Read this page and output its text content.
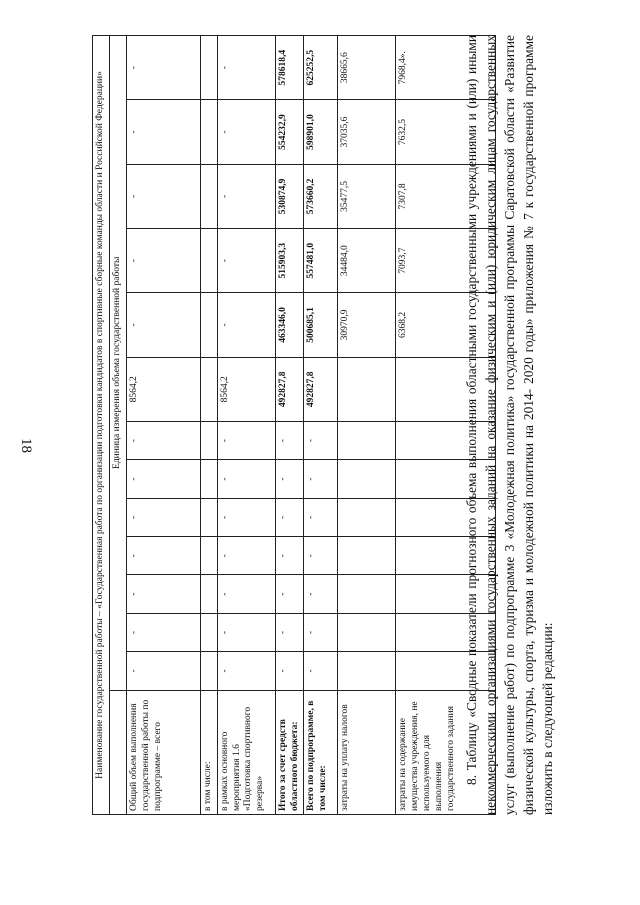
18	Наименование государственной работы – «Государственная работа по организации подготовки кандидатов в спортивные сборные команды области и Российской Федерации»													
	Единица измерения объема государственной работы												
Общий объем выполнения государственной работы по подпрограмме – всего	-	-	-	-	-	-	-	8564,2	-	-	-	-	-
в том числе:													
в рамках основного мероприятия 1.6 «Подготовка спортивного резерва»	-	-	-	-	-	-	-	8564,2	-	-	-	-	-
Итого за счет средств областного бюджета:	-	-	-	-	-	-	-	492827,8	463346,0	515903,3	530874,9	554232,9	578618,4
Всего по подпрограмме, в том числе:	-	-	-	-	-	-	-	492827,8	500685,1	557481,0	573660,2	598901,0	625252,5
затраты на уплату налогов									30970,9	34484,0	35477,5	37035,6	38665,6
затраты на содержание имущества учреждения, не используемого для выполнения государственного задания									6368,2	7093,7	7307,8	7632,5	7968,4».	8. Таблицу «Сводные показатели прогнозного объема выполнения областными государственными учреждениями и (или) иными некоммерческими организациями государственных заданий на оказание физическим и (или) юридическим лицам государственных услуг (выполнение работ) по подпрограмме 3 «Молодежная политика» государственной программы Саратовской области «Развитие физической культуры, спорта, туризма и молодежной политики на 2014- 2020 годы» приложения № 7 к государственной программе изложить в следующей редакции:
